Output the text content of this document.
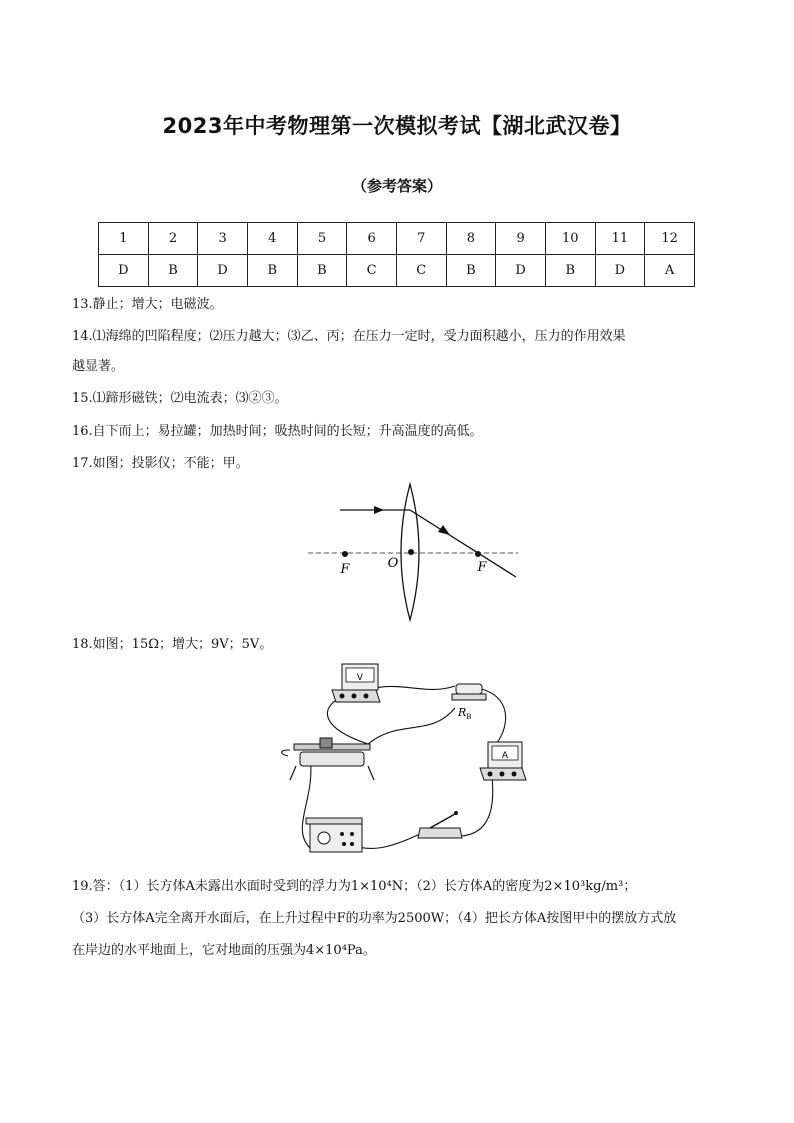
2023年中考物理第一次模拟考试【湖北武汉卷】
（参考答案）
1	2	3	4	5	6	7	8	9	10	11	12
D	B	D	B	B	C	C	B	D	B	D	A
13.静止；增大；电磁波。
14.⑴海绵的凹陷程度；⑵压力越大；⑶乙、丙；在压力一定时，受力面积越小，压力的作用效果
越显著。
15.⑴蹄形磁铁；⑵电流表；⑶②③。
16.自下而上；易拉罐；加热时间；吸热时间的长短；升高温度的高低。
17.如图；投影仪；不能；甲。
F	O	F
18.如图；15Ω；增大；9V；5V。
V
$R_B$
A
19.答：（1）长方体A未露出水面时受到的浮力为1×10⁴N；（2）长方体A的密度为2×10³kg/m³；
（3）长方体A完全离开水面后，在上升过程中F的功率为2500W；（4）把长方体A按图甲中的摆放方式放
在岸边的水平地面上，它对地面的压强为4×10⁴Pa。
